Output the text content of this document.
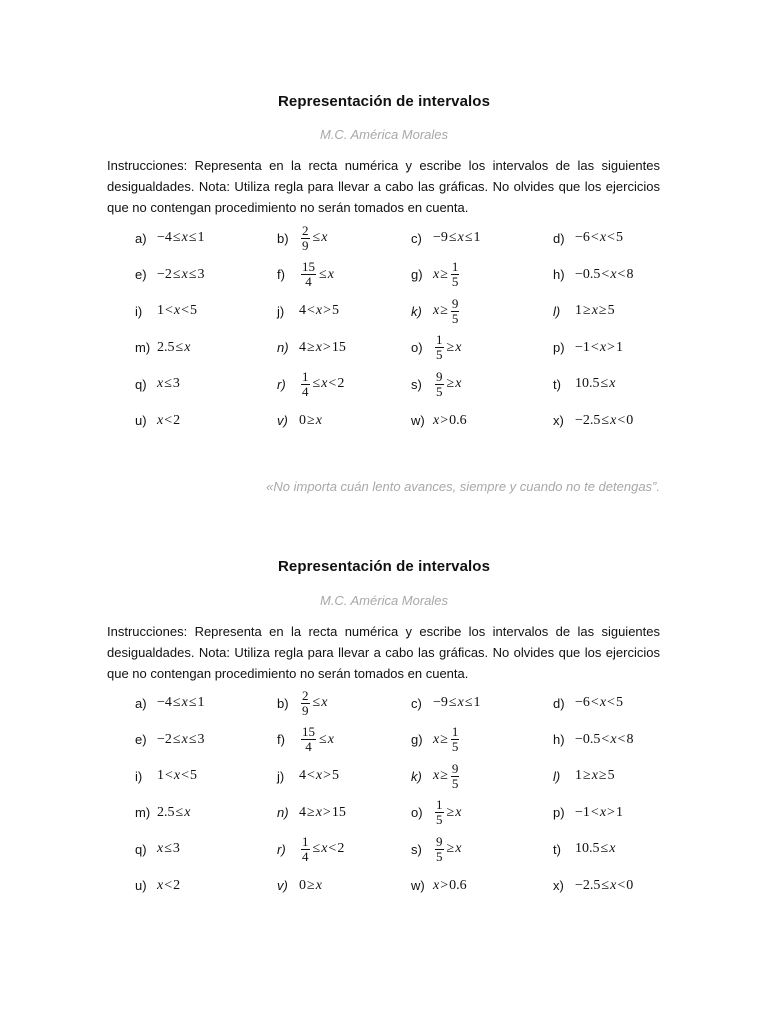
Representación de intervalos
M.C. América Morales
Instrucciones: Representa en la recta numérica y escribe los intervalos de las siguientes desigualdades. Nota: Utiliza regla para llevar a cabo las gráficas. No olvides que los ejercicios que no contengan procedimiento no serán tomados en cuenta.
a) −4 ≤ x ≤ 1	$b) \frac{2}{9} \le x$	c) −9 ≤ x ≤ 1	d) −6 < x < 5
e) −2 ≤ x ≤ 3	f)	$\frac{15}{4} \le x$	g) $x \ge \frac{1}{5}$	h) −0.5 < x < 8
i)	1 < x < 5	j)	4 < x > 5	k) $x \ge \frac{9}{5}$	l)	1 ≥ x ≥ 5
m) 2.5 ≤ x	n) 4 ≥ x > 15	$o) \frac{1}{5} \ge x$	p) −1 < x > 1
q) x ≤ 3	r)	$\frac{1}{4} \le x < 2$	s)	$\frac{9}{5} \ge x$	t)	10.5 ≤ x
u) x < 2	v) 0 ≥ x	w) x > 0.6	x) −2.5 ≤ x < 0
«No importa cuán lento avances, siempre y cuando no te detengas”.
Representación de intervalos
M.C. América Morales
Instrucciones: Representa en la recta numérica y escribe los intervalos de las siguientes desigualdades. Nota: Utiliza regla para llevar a cabo las gráficas. No olvides que los ejercicios que no contengan procedimiento no serán tomados en cuenta.
a) −4 ≤ x ≤ 1	$b) \frac{2}{9} \le x$	c) −9 ≤ x ≤ 1	d) −6 < x < 5
e) −2 ≤ x ≤ 3	f)	$\frac{15}{4} \le x$	g) $x \ge \frac{1}{5}$	h) −0.5 < x < 8
i)	1 < x < 5	j)	4 < x > 5	k) $x \ge \frac{9}{5}$	l)	1 ≥ x ≥ 5
m) 2.5 ≤ x	n) 4 ≥ x > 15	$o) \frac{1}{5} \ge x$	p) −1 < x > 1
q) x ≤ 3	r)	$\frac{1}{4} \le x < 2$	s)	$\frac{9}{5} \ge x$	t)	10.5 ≤ x
u) x < 2	v) 0 ≥ x	w) x > 0.6	x) −2.5 ≤ x < 0
